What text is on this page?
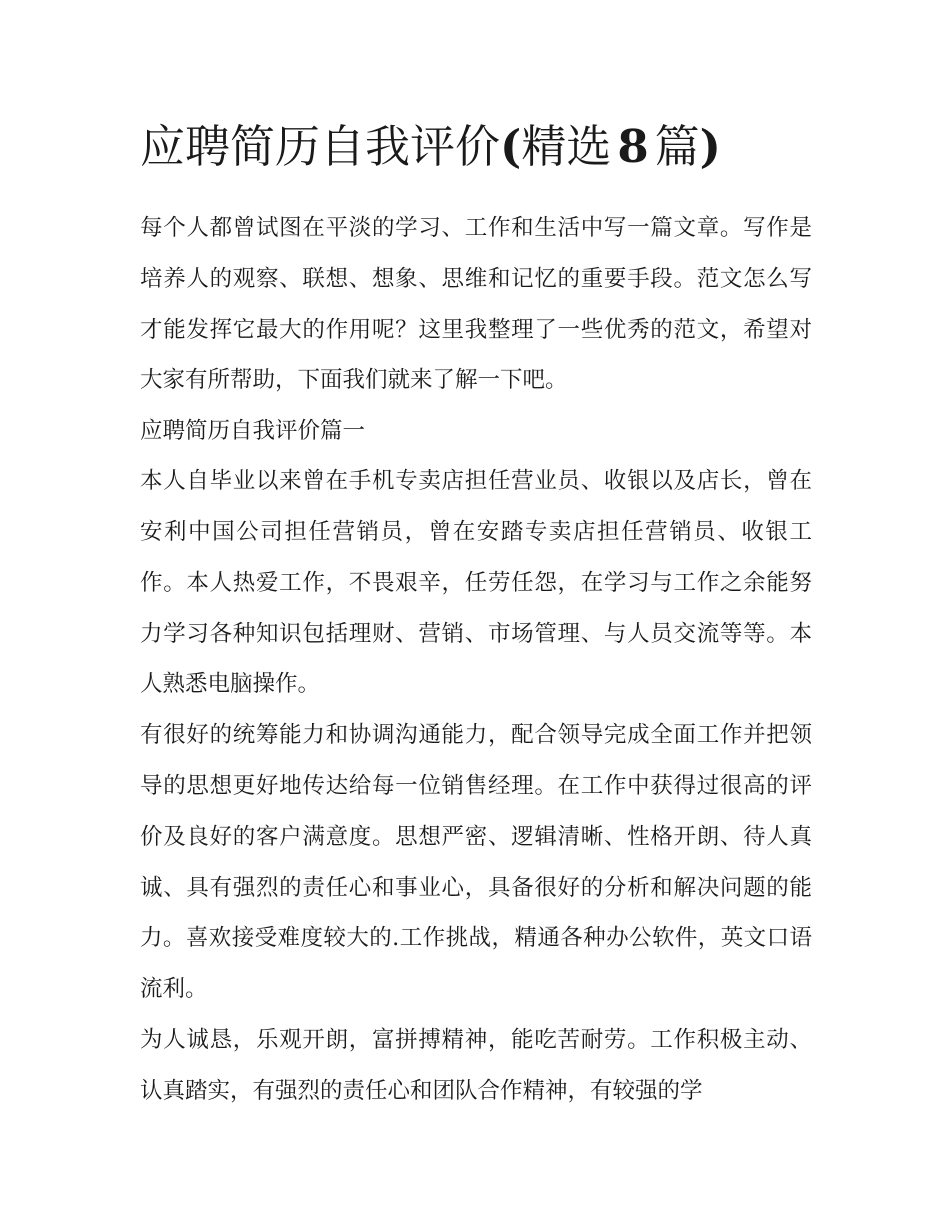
应聘简历自我评价(精选 8 篇)

每个人都曾试图在平淡的学习、工作和生活中写一篇文章。写作是培养人的观察、联想、想象、思维和记忆的重要手段。范文怎么写才能发挥它最大的作用呢？这里我整理了一些优秀的范文，希望对大家有所帮助，下面我们就来了解一下吧。

应聘简历自我评价篇一

本人自毕业以来曾在手机专卖店担任营业员、收银以及店长，曾在安利中国公司担任营销员，曾在安踏专卖店担任营销员、收银工作。本人热爱工作，不畏艰辛，任劳任怨，在学习与工作之余能努力学习各种知识包括理财、营销、市场管理、与人员交流等等。本人熟悉电脑操作。

有很好的统筹能力和协调沟通能力，配合领导完成全面工作并把领导的思想更好地传达给每一位销售经理。在工作中获得过很高的评价及良好的客户满意度。思想严密、逻辑清晰、性格开朗、待人真诚、具有强烈的责任心和事业心，具备很好的分析和解决问题的能力。喜欢接受难度较大的.工作挑战，精通各种办公软件，英文口语流利。

为人诚恳，乐观开朗，富拼搏精神，能吃苦耐劳。工作积极主动、认真踏实，有强烈的责任心和团队合作精神，有较强的学
